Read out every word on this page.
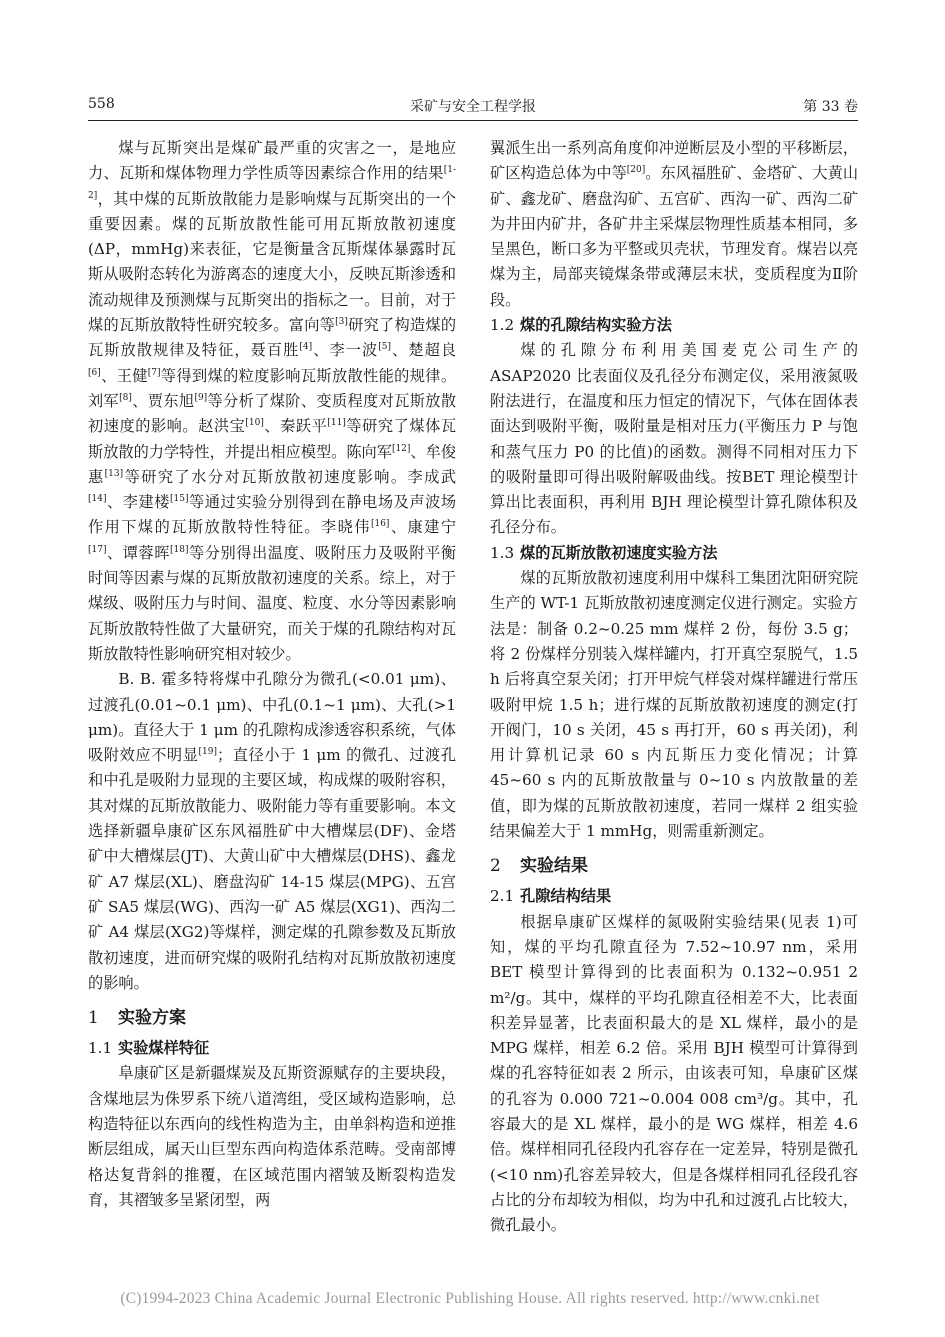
558	采矿与安全工程学报	第 33 卷

煤与瓦斯突出是煤矿最严重的灾害之一，是地应力、瓦斯和煤体物理力学性质等因素综合作用的结果[1-2]，其中煤的瓦斯放散能力是影响煤与瓦斯突出的一个重要因素。煤的瓦斯放散性能可用瓦斯放散初速度(ΔP，mmHg)来表征，它是衡量含瓦斯煤体暴露时瓦斯从吸附态转化为游离态的速度大小，反映瓦斯渗透和流动规律及预测煤与瓦斯突出的指标之一。目前，对于煤的瓦斯放散特性研究较多。富向等[3]研究了构造煤的瓦斯放散规律及特征，聂百胜[4]、李一波[5]、楚超良[6]、王健[7]等得到煤的粒度影响瓦斯放散性能的规律。刘军[8]、贾东旭[9]等分析了煤阶、变质程度对瓦斯放散初速度的影响。赵洪宝[10]、秦跃平[11]等研究了煤体瓦斯放散的力学特性，并提出相应模型。陈向军[12]、牟俊惠[13]等研究了水分对瓦斯放散初速度影响。李成武[14]、李建楼[15]等通过实验分别得到在静电场及声波场作用下煤的瓦斯放散特性特征。李晓伟[16]、康建宁[17]、谭蓉晖[18]等分别得出温度、吸附压力及吸附平衡时间等因素与煤的瓦斯放散初速度的关系。综上，对于煤级、吸附压力与时间、温度、粒度、水分等因素影响瓦斯放散特性做了大量研究，而关于煤的孔隙结构对瓦斯放散特性影响研究相对较少。

B. B. 霍多特将煤中孔隙分为微孔(<0.01 μm)、过渡孔(0.01~0.1 μm)、中孔(0.1~1 μm)、大孔(>1 μm)。直径大于 1 μm 的孔隙构成渗透容积系统，气体吸附效应不明显[19]；直径小于 1 μm 的微孔、过渡孔和中孔是吸附力显现的主要区域，构成煤的吸附容积，其对煤的瓦斯放散能力、吸附能力等有重要影响。本文选择新疆阜康矿区东风福胜矿中大槽煤层(DF)、金塔矿中大槽煤层(JT)、大黄山矿中大槽煤层(DHS)、鑫龙矿 A7 煤层(XL)、磨盘沟矿 14-15 煤层(MPG)、五宫矿 SA5 煤层(WG)、西沟一矿 A5 煤层(XG1)、西沟二矿 A4 煤层(XG2)等煤样，测定煤的孔隙参数及瓦斯放散初速度，进而研究煤的吸附孔结构对瓦斯放散初速度的影响。

1 实验方案
1.1 实验煤样特征

阜康矿区是新疆煤炭及瓦斯资源赋存的主要块段，含煤地层为侏罗系下统八道湾组，受区域构造影响，总构造特征以东西向的线性构造为主，由单斜构造和逆推断层组成，属天山巨型东西向构造体系范畴。受南部博格达复背斜的推覆，在区域范围内褶皱及断裂构造发育，其褶皱多呈紧闭型，两

翼派生出一系列高角度仰冲逆断层及小型的平移断层，矿区构造总体为中等[20]。东风福胜矿、金塔矿、大黄山矿、鑫龙矿、磨盘沟矿、五宫矿、西沟一矿、西沟二矿为井田内矿井，各矿井主采煤层物理性质基本相同，多呈黑色，断口多为平整或贝壳状，节理发育。煤岩以亮煤为主，局部夹镜煤条带或薄层末状，变质程度为Ⅱ阶段。

1.2 煤的孔隙结构实验方法

煤的孔隙分布利用美国麦克公司生产的ASAP2020 比表面仪及孔径分布测定仪，采用液氮吸附法进行，在温度和压力恒定的情况下，气体在固体表面达到吸附平衡，吸附量是相对压力(平衡压力 P 与饱和蒸气压力 P0 的比值)的函数。测得不同相对压力下的吸附量即可得出吸附解吸曲线。按BET 理论模型计算出比表面积，再利用 BJH 理论模型计算孔隙体积及孔径分布。

1.3 煤的瓦斯放散初速度实验方法

煤的瓦斯放散初速度利用中煤科工集团沈阳研究院生产的 WT-1 瓦斯放散初速度测定仪进行测定。实验方法是：制备 0.2~0.25 mm 煤样 2 份，每份 3.5 g；将 2 份煤样分别装入煤样罐内，打开真空泵脱气，1.5 h 后将真空泵关闭；打开甲烷气样袋对煤样罐进行常压吸附甲烷 1.5 h；进行煤的瓦斯放散初速度的测定(打开阀门，10 s 关闭，45 s 再打开，60 s 再关闭)，利用计算机记录 60 s 内瓦斯压力变化情况；计算 45~60 s 内的瓦斯放散量与 0~10 s 内放散量的差值，即为煤的瓦斯放散初速度，若同一煤样 2 组实验结果偏差大于 1 mmHg，则需重新测定。

2 实验结果
2.1 孔隙结构结果

根据阜康矿区煤样的氮吸附实验结果(见表 1)可知，煤的平均孔隙直径为 7.52~10.97 nm，采用BET 模型计算得到的比表面积为 0.132~0.951 2 m²/g。其中，煤样的平均孔隙直径相差不大，比表面积差异显著，比表面积最大的是 XL 煤样，最小的是 MPG 煤样，相差 6.2 倍。采用 BJH 模型可计算得到煤的孔容特征如表 2 所示，由该表可知，阜康矿区煤的孔容为 0.000 721~0.004 008 cm³/g。其中，孔容最大的是 XL 煤样，最小的是 WG 煤样，相差 4.6 倍。煤样相同孔径段内孔容存在一定差异，特别是微孔(<10 nm)孔容差异较大，但是各煤样相同孔径段孔容占比的分布却较为相似，均为中孔和过渡孔占比较大，微孔最小。

(C)1994-2023 China Academic Journal Electronic Publishing House. All rights reserved. http://www.cnki.net
